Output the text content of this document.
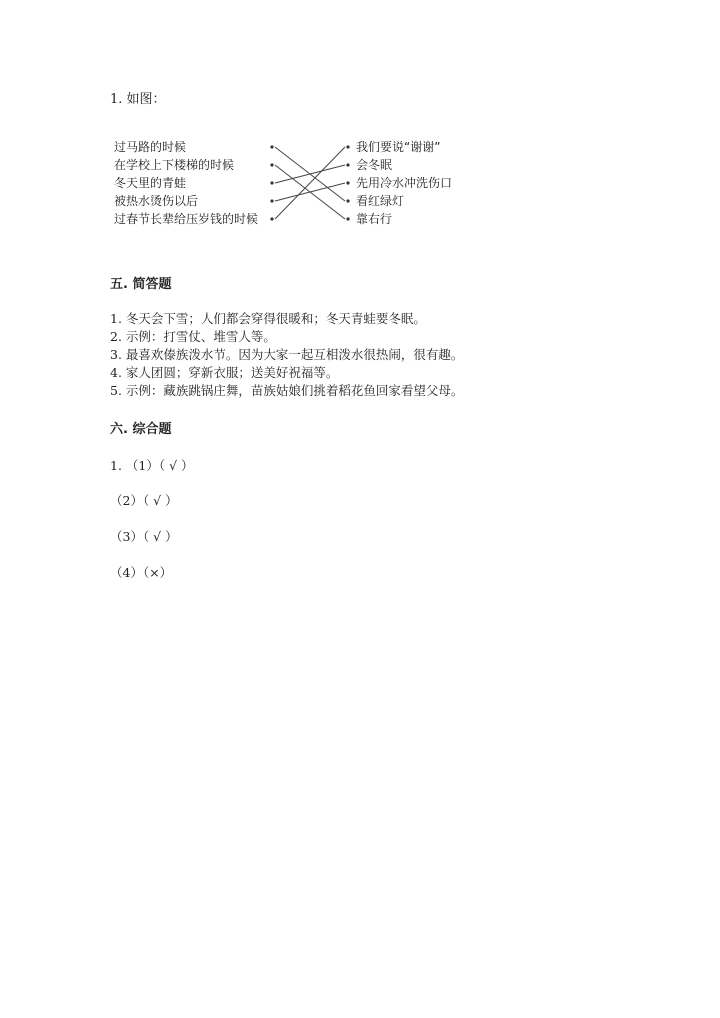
1. 如图：
过马路的时候
在学校上下楼梯的时候
冬天里的青蛙
被热水烫伤以后
过春节长辈给压岁钱的时候
我们要说“谢谢”
会冬眠
先用冷水冲洗伤口
看红绿灯
靠右行
五. 简答题
1. 冬天会下雪；人们都会穿得很暖和；冬天青蛙要冬眠。
2. 示例：打雪仗、堆雪人等。
3. 最喜欢傣族泼水节。因为大家一起互相泼水很热闹，很有趣。
4. 家人团圆；穿新衣服；送美好祝福等。
5. 示例：藏族跳锅庄舞，苗族姑娘们挑着稻花鱼回家看望父母。
六. 综合题
1. （1）（ √ ）
（2）（ √ ）
（3）（ √ ）
（4）（×）
